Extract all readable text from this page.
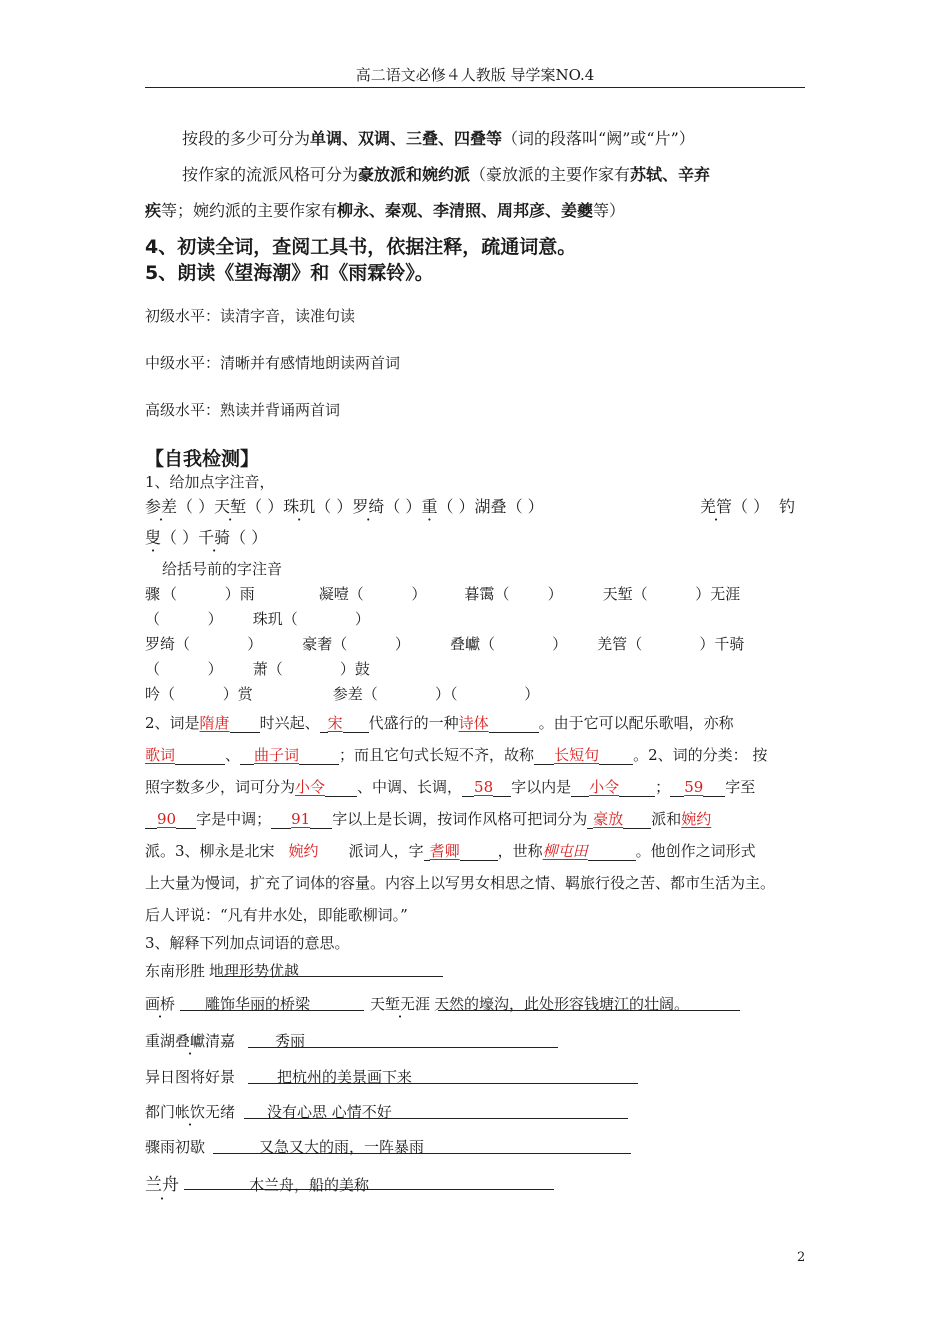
高二语文必修４人教版 导学案NO.4
按段的多少可分为单调、双调、三叠、四叠等（词的段落叫“阙”或“片”）
按作家的流派风格可分为豪放派和婉约派（豪放派的主要作家有苏轼、辛弃
疾等；婉约派的主要作家有柳永、秦观、李清照、周邦彦、姜夔等）
4、初读全词，查阅工具书，依据注释，疏通词意。
5、朗读《望海潮》和《雨霖铃》。
初级水平：读清字音，读准句读
中级水平：清晰并有感情地朗读两首词
高级水平：熟读并背诵两首词
【自我检测】
1、给加点字注音，
参差（ ）天堑（ ）珠玑（ ）罗绮（ ）重（ ）湖叠（ ）	羌管（ ） 钓
叟（ ）千骑（ ）
给括号前的字注音
骤 （          ）雨	凝噎（          ）	暮霭（        ）	天堑（          ）无涯
（          ） 珠玑（            ）
罗绮（            ）	豪奢（          ）	叠巘（            ） 羌管（            ）千骑
（          ） 萧（            ）鼓
吟（          ）赏	参差（            ）（              ）
2、词是隋唐 时兴起、 宋 代盛行的一种诗体	。由于它可以配乐歌唱，亦称
歌词	、 曲子词	；而且它句式长短不齐，故称 长短句 。2、词的分类： 按
照字数多少，词可分为小令 、中调、长调， 58 字以内是 小令 ； 59 字至
90 字是中调； 91 字以上是长调，按词作风格可把词分为 豪放 派和婉约
派。3、柳永是北宋 婉约 派词人，字 耆卿	，世称柳屯田	。他创作之词形式
上大量为慢词，扩充了词体的容量。内容上以写男女相思之情、羁旅行役之苦、都市生活为主。
后人评说：“凡有井水处，即能歌柳词。”
3、解释下列加点词语的意思。
东南形胜 地理形势优越
画桥 雕饰华丽的桥梁	天堑无涯 天然的壕沟，此处形容钱塘江的壮阔。
重湖叠巘清嘉 ·	秀丽
异日图将好景	把杭州的美景画下来
都门帐饮无绪 · 没有心思 心情不好
骤雨初歇	又急又大的雨，一阵暴雨
兰舟	木兰舟，船的美称
2
